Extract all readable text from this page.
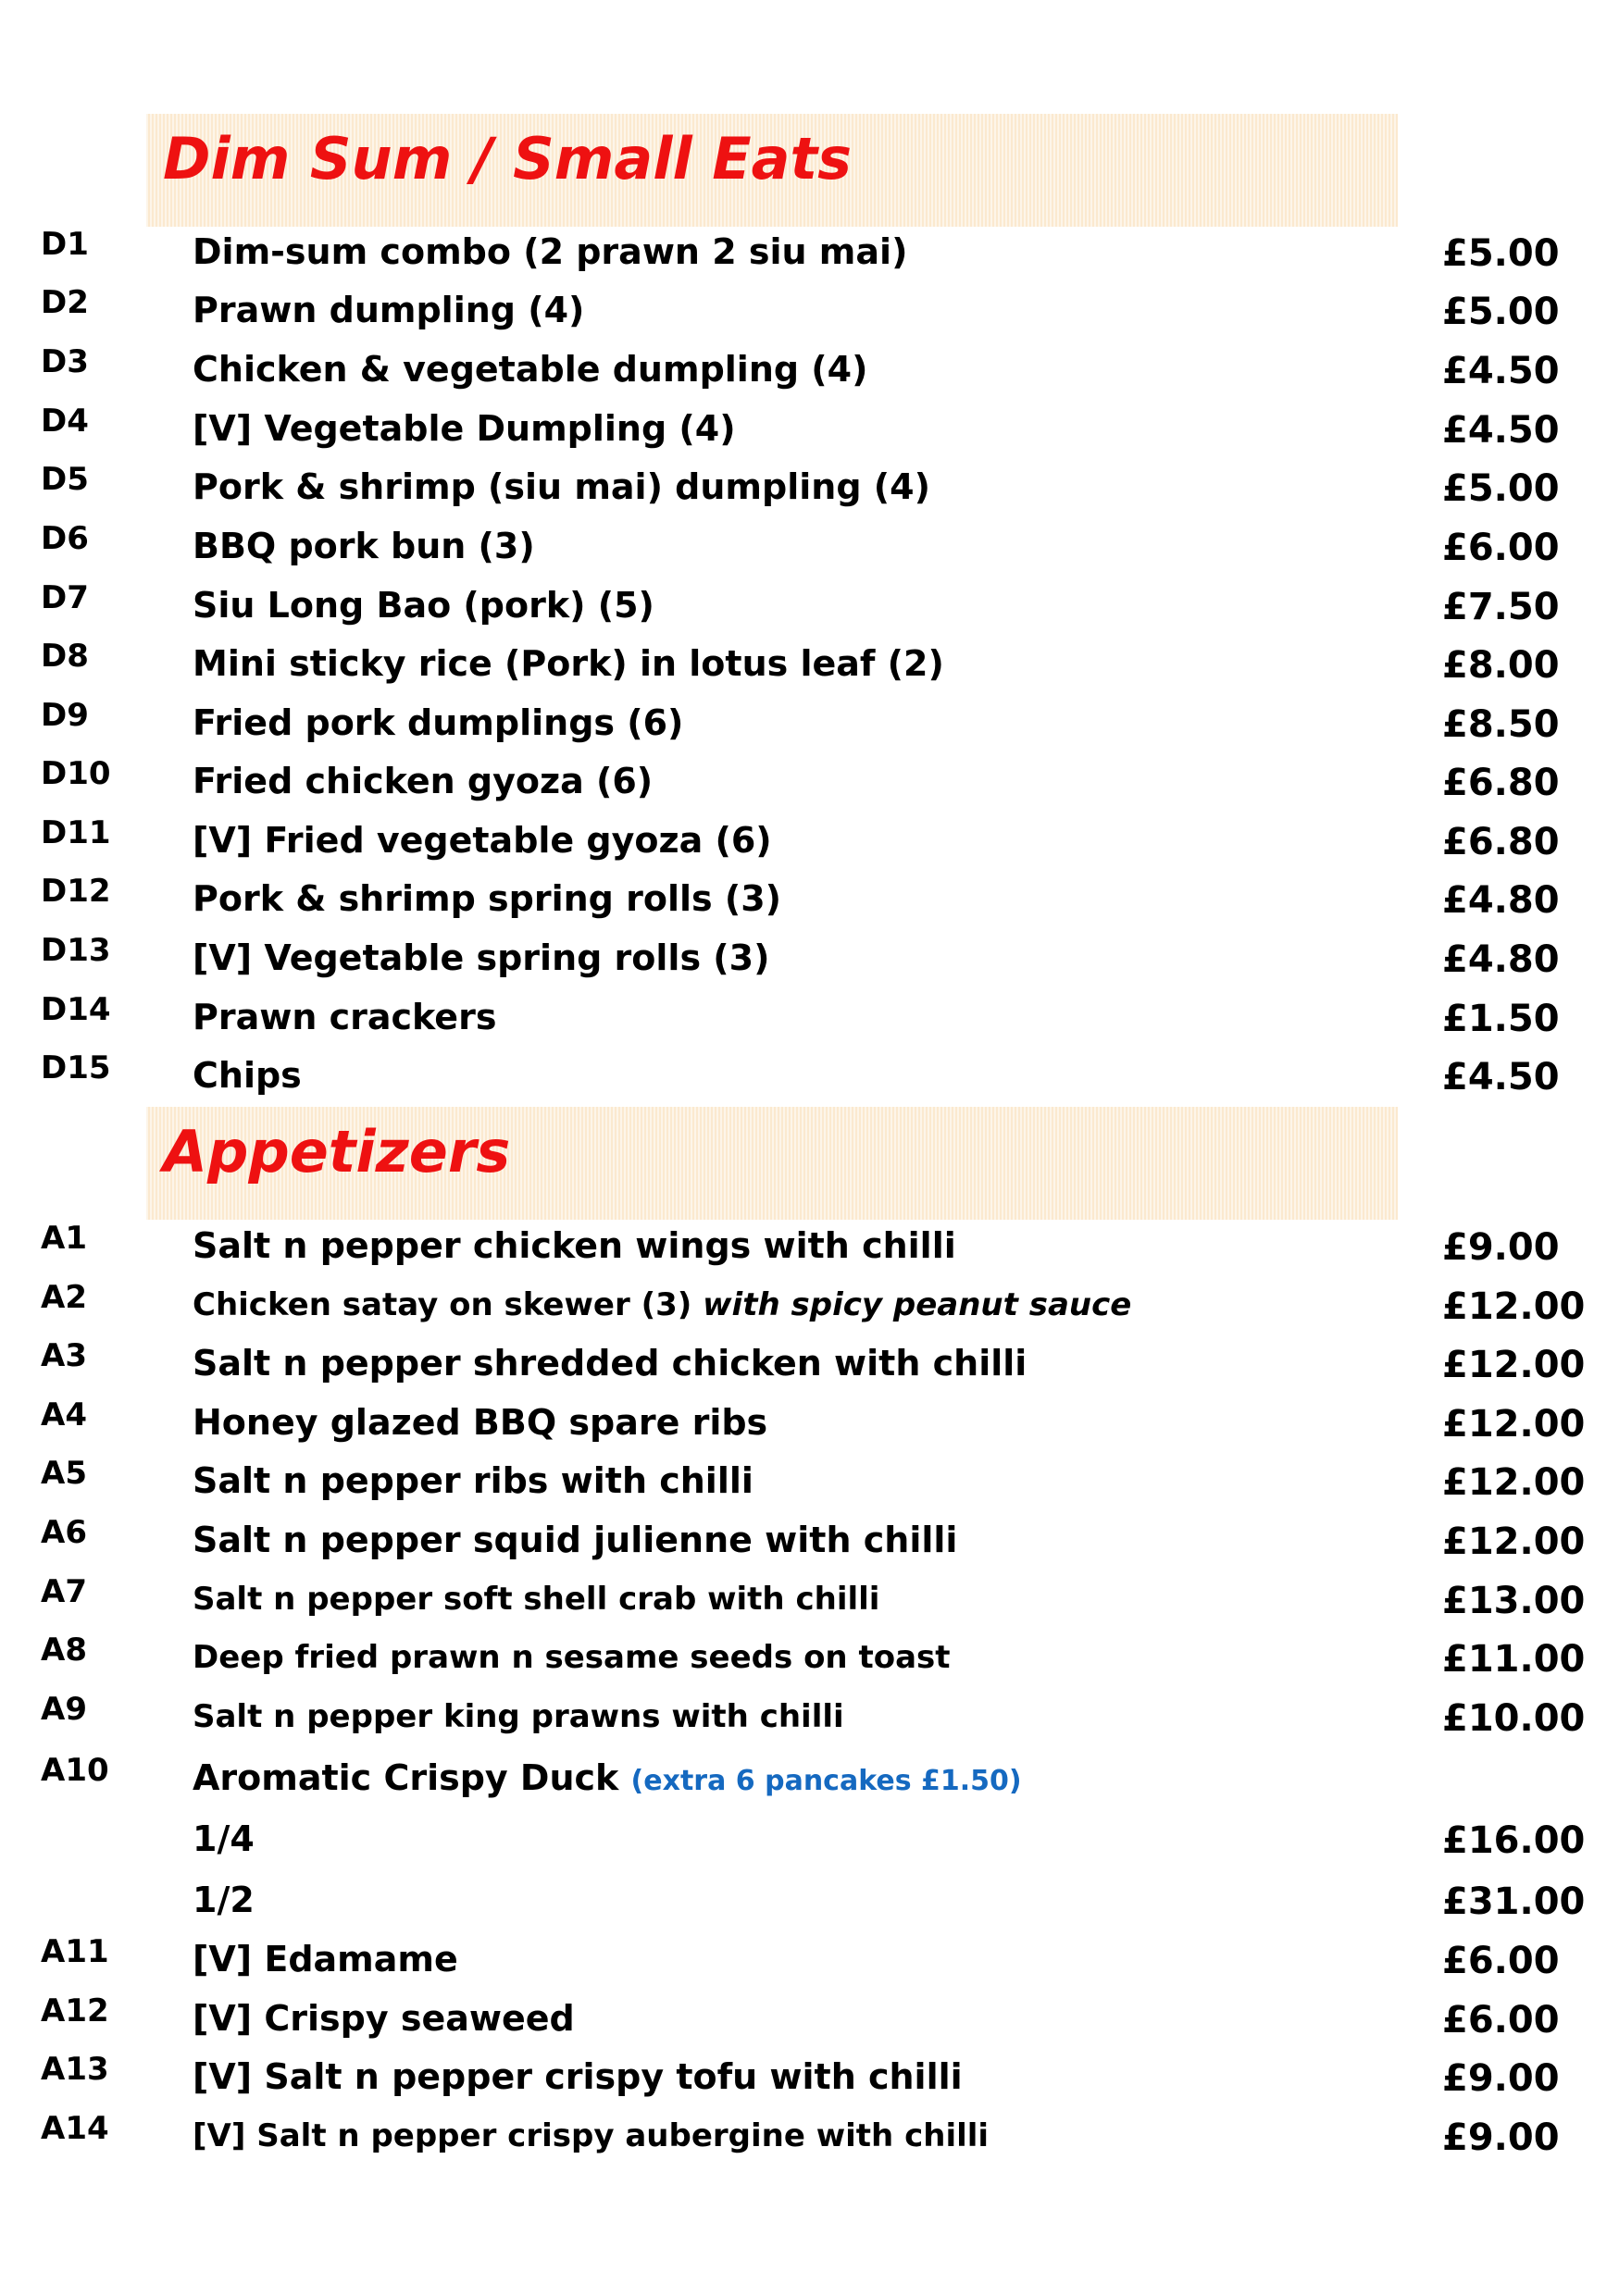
Dim Sum / Small Eats
D1	Dim-sum combo (2 prawn 2 siu mai)	£5.00
D2	Prawn dumpling (4)	£5.00
D3	Chicken & vegetable dumpling (4)	£4.50
D4	[V] Vegetable Dumpling (4)	£4.50
D5	Pork & shrimp (siu mai) dumpling (4)	£5.00
D6	BBQ pork bun (3)	£6.00
D7	Siu Long Bao (pork) (5)	£7.50
D8	Mini sticky rice (Pork) in lotus leaf (2)	£8.00
D9	Fried pork dumplings (6)	£8.50
D10 Fried chicken gyoza (6)	£6.80
D11 [V] Fried vegetable gyoza (6)	£6.80
D12 Pork & shrimp spring rolls (3)	£4.80
D13 [V] Vegetable spring rolls (3)	£4.80
D14 Prawn crackers	£1.50
D15 Chips	£4.50
Appetizers
A1	Salt n pepper chicken wings with chilli	£9.00
A2	Chicken satay on skewer (3) with spicy peanut sauce	£12.00
A3	Salt n pepper shredded chicken with chilli	£12.00
A4	Honey glazed BBQ spare ribs	£12.00
A5	Salt n pepper ribs with chilli	£12.00
A6	Salt n pepper squid julienne with chilli	£12.00
A7	Salt n pepper soft shell crab with chilli	£13.00
A8	Deep fried prawn n sesame seeds on toast	£11.00
A9	Salt n pepper king prawns with chilli	£10.00
A10 Aromatic Crispy Duck (extra 6 pancakes £1.50)
1/4	£16.00
1/2	£31.00
A11 [V] Edamame	£6.00
A12 [V] Crispy seaweed	£6.00
A13 [V] Salt n pepper crispy tofu with chilli	£9.00
A14	[V] Salt n pepper crispy aubergine with chilli	£9.00
